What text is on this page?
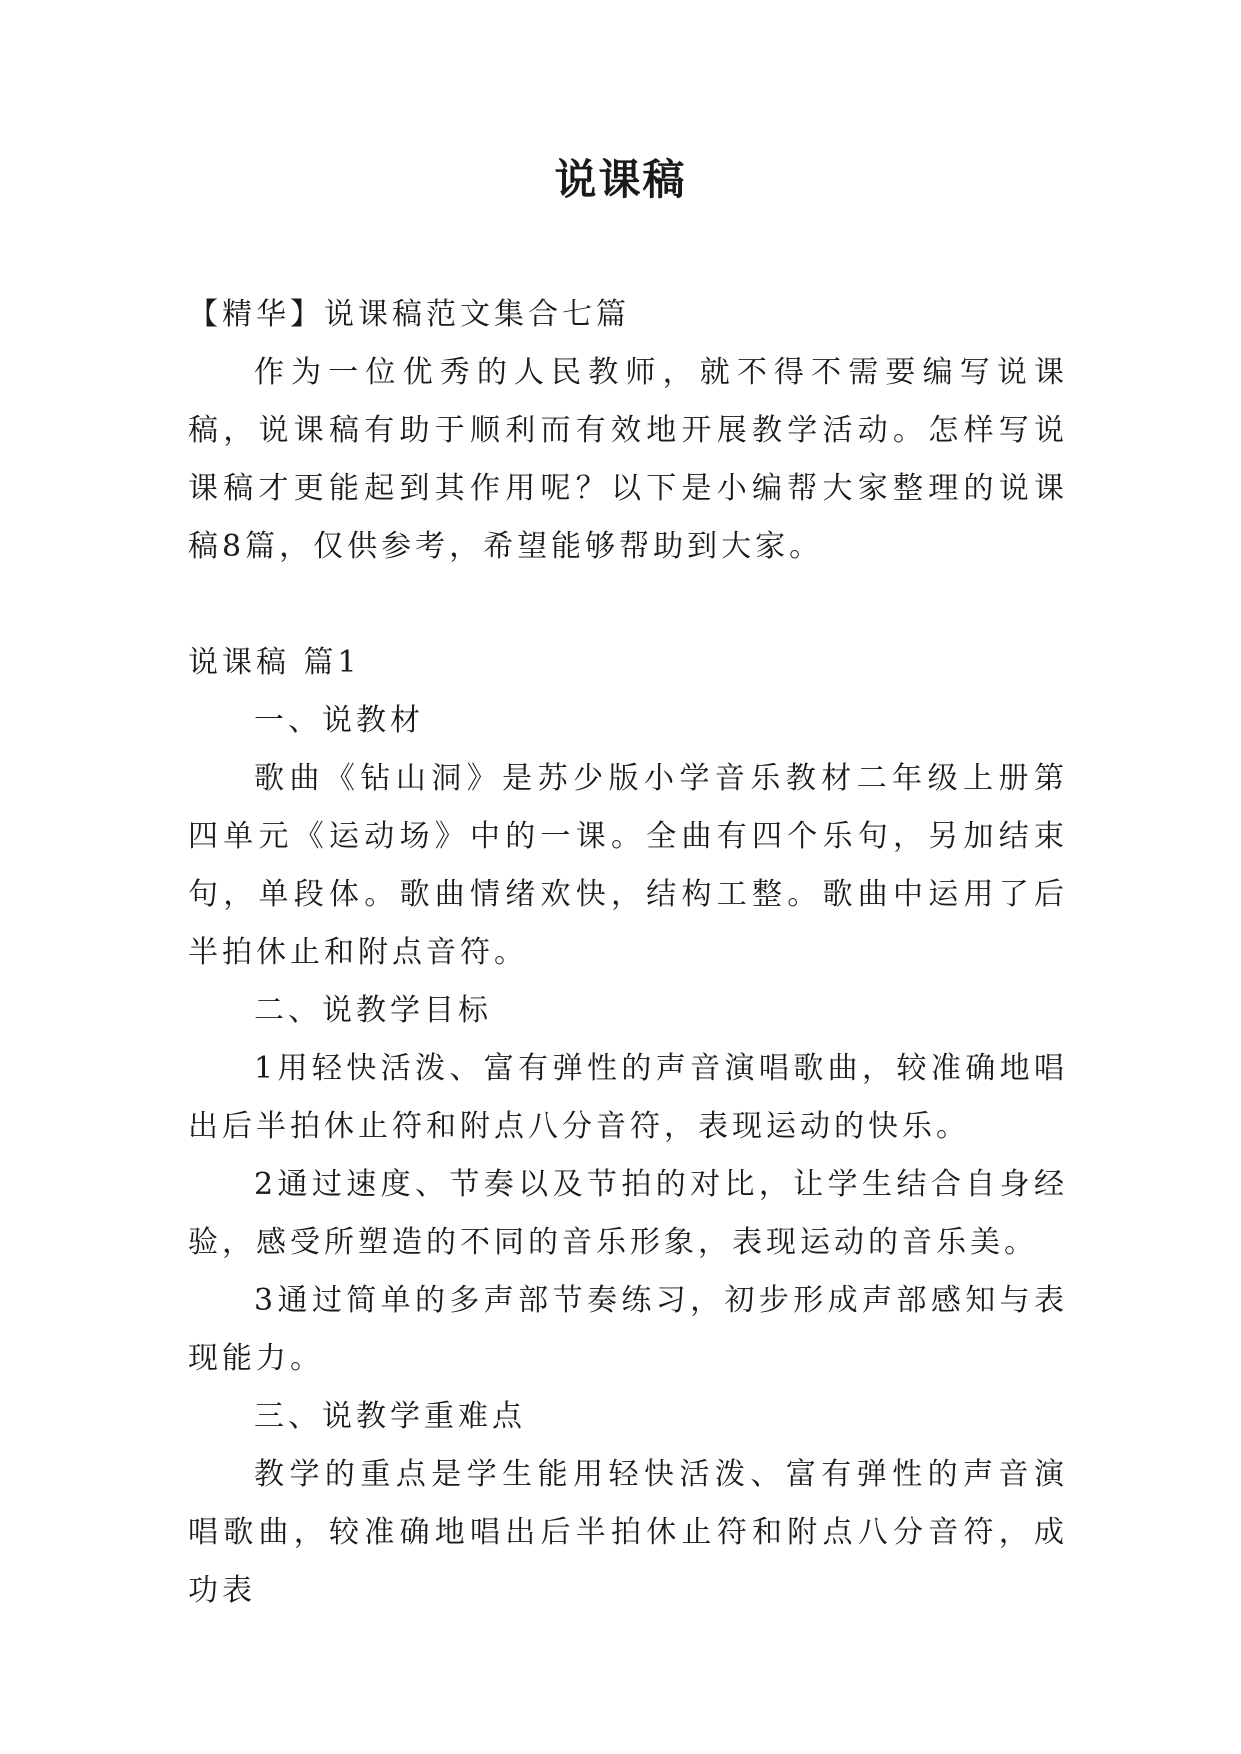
说课稿

【精华】说课稿范文集合七篇

作为一位优秀的人民教师，就不得不需要编写说课稿，说课稿有助于顺利而有效地开展教学活动。怎样写说课稿才更能起到其作用呢？以下是小编帮大家整理的说课稿8篇，仅供参考，希望能够帮助到大家。

说课稿 篇1

一、说教材

歌曲《钻山洞》是苏少版小学音乐教材二年级上册第四单元《运动场》中的一课。全曲有四个乐句，另加结束句，单段体。歌曲情绪欢快，结构工整。歌曲中运用了后半拍休止和附点音符。

二、说教学目标

1用轻快活泼、富有弹性的声音演唱歌曲，较准确地唱出后半拍休止符和附点八分音符，表现运动的快乐。

2通过速度、节奏以及节拍的对比，让学生结合自身经验，感受所塑造的不同的音乐形象，表现运动的音乐美。

3通过简单的多声部节奏练习，初步形成声部感知与表现能力。

三、说教学重难点

教学的重点是学生能用轻快活泼、富有弹性的声音演唱歌曲，较准确地唱出后半拍休止符和附点八分音符，成功表
